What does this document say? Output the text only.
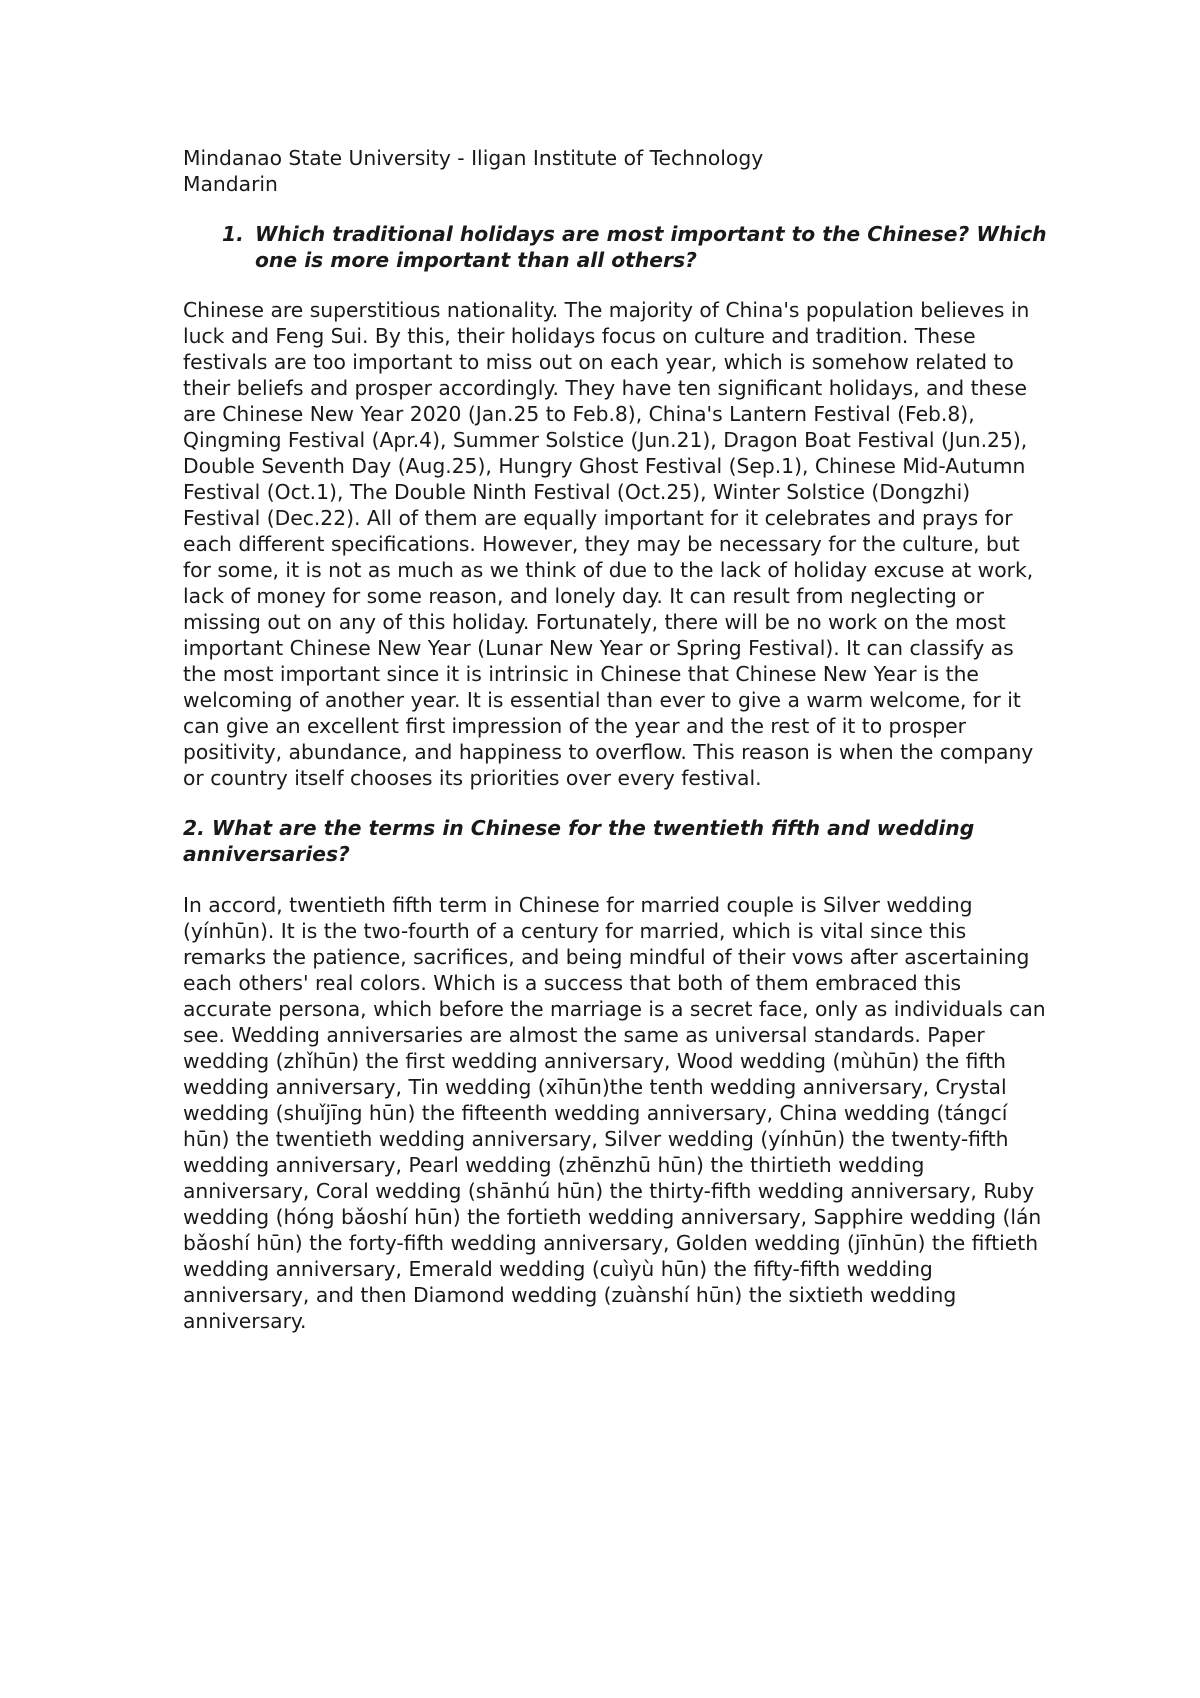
Mindanao State University - Iligan Institute of Technology

Mandarin

1. Which traditional holidays are most important to the Chinese? Which one is more important than all others?

Chinese are superstitious nationality. The majority of China's population believes in luck and Feng Sui. By this, their holidays focus on culture and tradition. These festivals are too important to miss out on each year, which is somehow related to their beliefs and prosper accordingly. They have ten significant holidays, and these are Chinese New Year 2020 (Jan.25 to Feb.8), China's Lantern Festival (Feb.8), Qingming Festival (Apr.4), Summer Solstice (Jun.21), Dragon Boat Festival (Jun.25), Double Seventh Day (Aug.25), Hungry Ghost Festival (Sep.1), Chinese Mid-Autumn Festival (Oct.1), The Double Ninth Festival (Oct.25), Winter Solstice (Dongzhi) Festival (Dec.22). All of them are equally important for it celebrates and prays for each different specifications. However, they may be necessary for the culture, but for some, it is not as much as we think of due to the lack of holiday excuse at work, lack of money for some reason, and lonely day. It can result from neglecting or missing out on any of this holiday. Fortunately, there will be no work on the most important Chinese New Year (Lunar New Year or Spring Festival). It can classify as the most important since it is intrinsic in Chinese that Chinese New Year is the welcoming of another year. It is essential than ever to give a warm welcome, for it can give an excellent first impression of the year and the rest of it to prosper positivity, abundance, and happiness to overflow. This reason is when the company or country itself chooses its priorities over every festival.

2. What are the terms in Chinese for the twentieth fifth and wedding anniversaries?

In accord, twentieth fifth term in Chinese for married couple is Silver wedding (yínhūn). It is the two-fourth of a century for married, which is vital since this remarks the patience, sacrifices, and being mindful of their vows after ascertaining each others' real colors. Which is a success that both of them embraced this accurate persona, which before the marriage is a secret face, only as individuals can see. Wedding anniversaries are almost the same as universal standards. Paper wedding (zhǐhūn) the first wedding anniversary, Wood wedding (mùhūn) the fifth wedding anniversary, Tin wedding (xīhūn)the tenth wedding anniversary, Crystal wedding (shuǐjīng hūn) the fifteenth wedding anniversary, China wedding (tángcí hūn) the twentieth wedding anniversary, Silver wedding (yínhūn) the twenty-fifth wedding anniversary, Pearl wedding (zhēnzhū hūn) the thirtieth wedding anniversary, Coral wedding (shānhú hūn) the thirty-fifth wedding anniversary, Ruby wedding (hóng bǎoshí hūn) the fortieth wedding anniversary, Sapphire wedding (lán bǎoshí hūn) the forty-fifth wedding anniversary, Golden wedding (jīnhūn) the fiftieth wedding anniversary, Emerald wedding (cuìyù hūn) the fifty-fifth wedding anniversary, and then Diamond wedding (zuànshí hūn) the sixtieth wedding anniversary.
